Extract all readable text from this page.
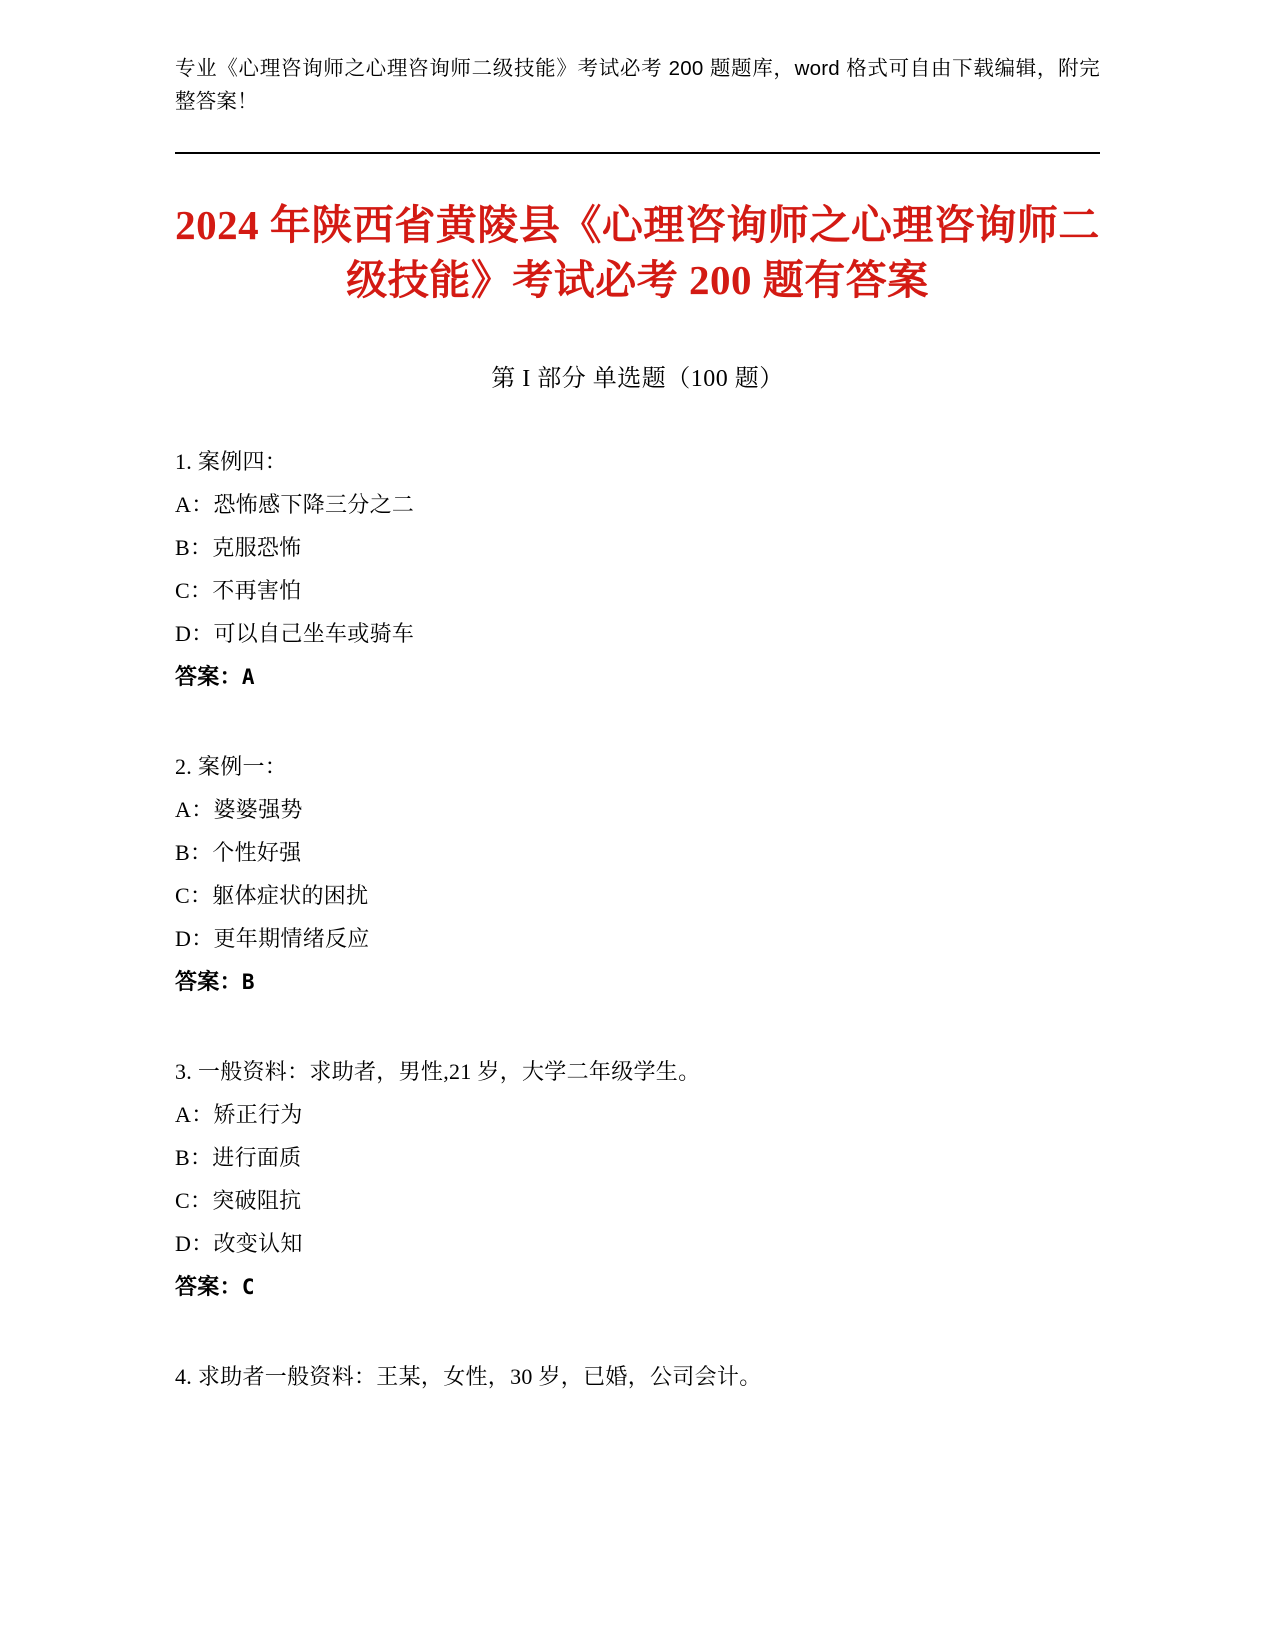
专业《心理咨询师之心理咨询师二级技能》考试必考 200 题题库，word 格式可自由下载编辑，附完整答案！
2024 年陕西省黄陵县《心理咨询师之心理咨询师二级技能》考试必考 200 题有答案
第 I 部分 单选题（100 题）
1. 案例四：
A：恐怖感下降三分之二
B：克服恐怖
C：不再害怕
D：可以自己坐车或骑车
答案：A
2. 案例一：
A：婆婆强势
B：个性好强
C：躯体症状的困扰
D：更年期情绪反应
答案：B
3. 一般资料：求助者，男性,21 岁，大学二年级学生。
A：矫正行为
B：进行面质
C：突破阻抗
D：改变认知
答案：C
4. 求助者一般资料：王某，女性，30 岁，已婚，公司会计。
